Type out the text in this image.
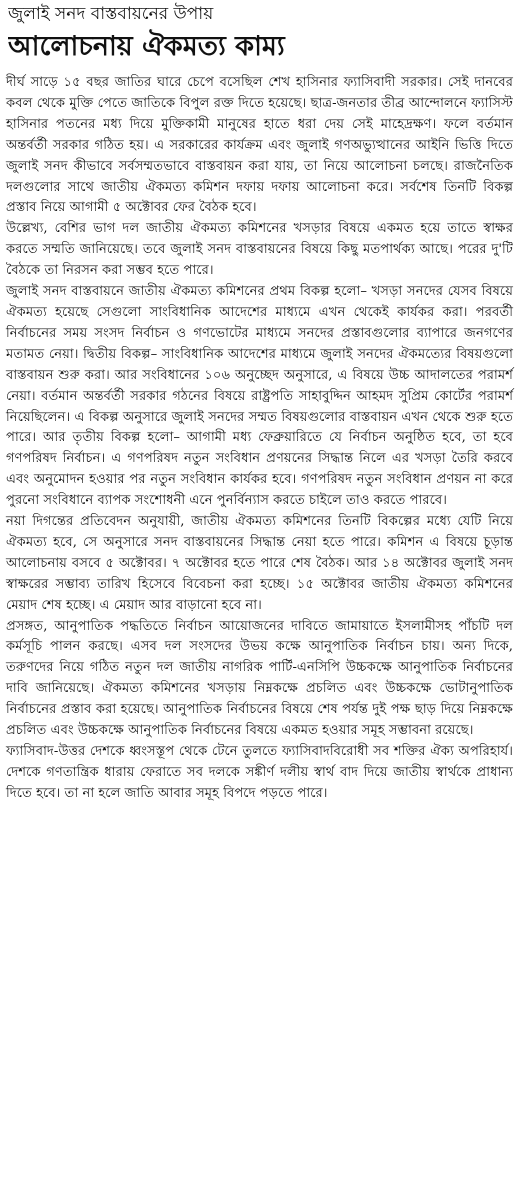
জুলাই সনদ বাস্তবায়নের উপায়
আলোচনায় ঐকমত্য কাম্য

দীর্ঘ সাড়ে ১৫ বছর জাতির ঘারে চেপে বসেছিল শেখ হাসিনার ফ্যাসিবাদী সরকার। সেই দানবের কবল থেকে মুক্তি পেতে জাতিকে বিপুল রক্ত দিতে হয়েছে। ছাত্র-জনতার তীব্র আন্দোলনে ফ্যাসিস্ট হাসিনার পতনের মধ্য দিয়ে মুক্তিকামী মানুষের হাতে ধরা দেয় সেই মাহেদ্রক্ষণ। ফলে বর্তমান অন্তর্বর্তী সরকার গঠিত হয়। এ সরকারের কার্যক্রম এবং জুলাই গণঅভ্যুত্থানের আইনি ভিত্তি দিতে জুলাই সনদ কীভাবে সর্বসম্মতভাবে বাস্তবায়ন করা যায়, তা নিয়ে আলোচনা চলছে। রাজনৈতিক দলগুলোর সাথে জাতীয় ঐকমত্য কমিশন দফায় দফায় আলোচনা করে। সর্বশেষ তিনটি বিকল্প প্রস্তাব নিয়ে আগামী ৫ অক্টোবর ফের বৈঠক হবে।

উল্লেখ্য, বেশির ভাগ দল জাতীয় ঐকমত্য কমিশনের খসড়ার বিষয়ে একমত হয়ে তাতে স্বাক্ষর করতে সম্মতি জানিয়েছে। তবে জুলাই সনদ বাস্তবায়নের বিষয়ে কিছু মতপার্থক্য আছে। পরের দু'টি বৈঠকে তা নিরসন করা সম্ভব হতে পারে।

জুলাই সনদ বাস্তবায়নে জাতীয় ঐকমত্য কমিশনের প্রথম বিকল্প হলো– খসড়া সনদের যেসব বিষয়ে ঐকমত্য হয়েছে সেগুলো সাংবিধানিক আদেশের মাধ্যমে এখন থেকেই কার্যকর করা। পরবর্তী নির্বাচনের সময় সংসদ নির্বাচন ও গণভোটের মাধ্যমে সনদের প্রস্তাবগুলোর ব্যাপারে জনগণের মতামত নেয়া। দ্বিতীয় বিকল্প– সাংবিধানিক আদেশের মাধ্যমে জুলাই সনদের ঐকমত্যের বিষয়গুলো বাস্তবায়ন শুরু করা। আর সংবিধানের ১০৬ অনুচ্ছেদ অনুসারে, এ বিষয়ে উচ্চ আদালতের পরামর্শ নেয়া। বর্তমান অন্তর্বর্তী সরকার গঠনের বিষয়ে রাষ্ট্রপতি সাহাবুদ্দিন আহমদ সুপ্রিম কোর্টের পরামর্শ নিয়েছিলেন। এ বিকল্প অনুসারে জুলাই সনদের সম্মত বিষয়গুলোর বাস্তবায়ন এখন থেকে শুরু হতে পারে। আর তৃতীয় বিকল্প হলো– আগামী মধ্য ফেব্রুয়ারিতে যে নির্বাচন অনুষ্ঠিত হবে, তা হবে গণপরিষদ নির্বাচন। এ গণপরিষদ নতুন সংবিধান প্রণয়নের সিদ্ধান্ত নিলে এর খসড়া তৈরি করবে এবং অনুমোদন হওয়ার পর নতুন সংবিধান কার্যকর হবে। গণপরিষদ নতুন সংবিধান প্রণয়ন না করে পুরনো সংবিধানে ব্যাপক সংশোধনী এনে পুনর্বিন্যাস করতে চাইলে তাও করতে পারবে।

নয়া দিগন্তের প্রতিবেদন অনুযায়ী, জাতীয় ঐকমত্য কমিশনের তিনটি বিকল্পের মধ্যে যেটি নিয়ে ঐকমত্য হবে, সে অনুসারে সনদ বাস্তবায়নের সিদ্ধান্ত নেয়া হতে পারে। কমিশন এ বিষয়ে চূড়ান্ত আলোচনায় বসবে ৫ অক্টোবর। ৭ অক্টোবর হতে পারে শেষ বৈঠক। আর ১৪ অক্টোবর জুলাই সনদ স্বাক্ষরের সম্ভাব্য তারিখ হিসেবে বিবেচনা করা হচ্ছে। ১৫ অক্টোবর জাতীয় ঐকমত্য কমিশনের মেয়াদ শেষ হচ্ছে। এ মেয়াদ আর বাড়ানো হবে না।

প্রসঙ্গত, আনুপাতিক পদ্ধতিতে নির্বাচন আয়োজনের দাবিতে জামায়াতে ইসলামীসহ পাঁচটি দল কর্মসূচি পালন করছে। এসব দল সংসদের উভয় কক্ষে আনুপাতিক নির্বাচন চায়। অন্য দিকে, তরুণদের নিয়ে গঠিত নতুন দল জাতীয় নাগরিক পার্টি-এনসিপি উচ্চকক্ষে আনুপাতিক নির্বাচনের দাবি জানিয়েছে। ঐকমত্য কমিশনের খসড়ায় নিম্নকক্ষে প্রচলিত এবং উচ্চকক্ষে ভোটানুপাতিক নির্বাচনের প্রস্তাব করা হয়েছে। আনুপাতিক নির্বাচনের বিষয়ে শেষ পর্যন্ত দুই পক্ষ ছাড় দিয়ে নিম্নকক্ষে প্রচলিত এবং উচ্চকক্ষে আনুপাতিক নির্বাচনের বিষয়ে একমত হওয়ার সমূহ সম্ভাবনা রয়েছে।

ফ্যাসিবাদ-উত্তর দেশকে ধ্বংসস্তূপ থেকে টেনে তুলতে ফ্যাসিবাদবিরোধী সব শক্তির ঐক্য অপরিহার্য। দেশকে গণতান্ত্রিক ধারায় ফেরাতে সব দলকে সঙ্কীর্ণ দলীয় স্বার্থ বাদ দিয়ে জাতীয় স্বার্থকে প্রাধান্য দিতে হবে। তা না হলে জাতি আবার সমূহ বিপদে পড়তে পারে।
